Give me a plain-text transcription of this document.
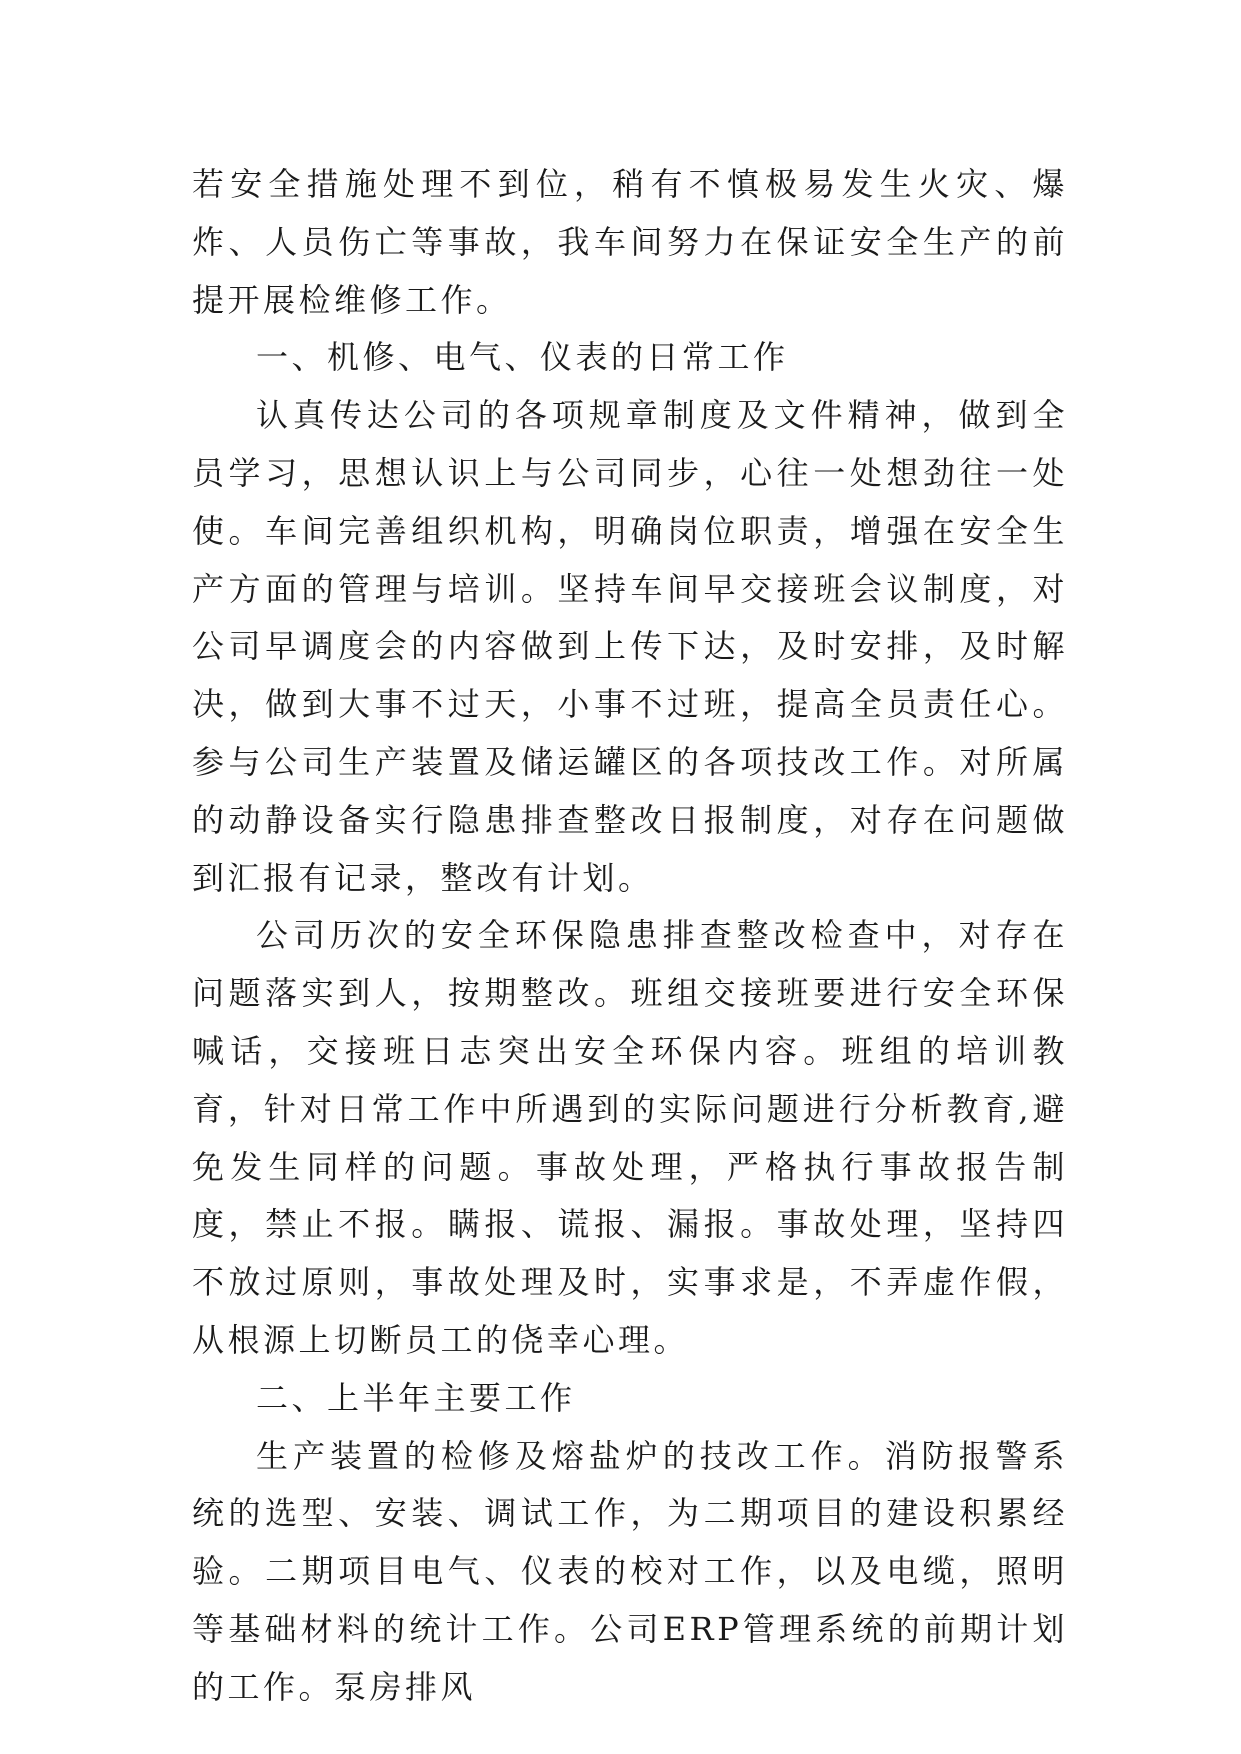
若安全措施处理不到位，稍有不慎极易发生火灾、爆炸、人员伤亡等事故，我车间努力在保证安全生产的前提开展检维修工作。

一、机修、电气、仪表的日常工作

认真传达公司的各项规章制度及文件精神，做到全员学习，思想认识上与公司同步，心往一处想劲往一处使。车间完善组织机构，明确岗位职责，增强在安全生产方面的管理与培训。坚持车间早交接班会议制度，对公司早调度会的内容做到上传下达，及时安排，及时解决，做到大事不过天，小事不过班，提高全员责任心。参与公司生产装置及储运罐区的各项技改工作。对所属的动静设备实行隐患排查整改日报制度，对存在问题做到汇报有记录，整改有计划。

公司历次的安全环保隐患排查整改检查中，对存在问题落实到人，按期整改。班组交接班要进行安全环保喊话，交接班日志突出安全环保内容。班组的培训教育，针对日常工作中所遇到的实际问题进行分析教育,避免发生同样的问题。事故处理，严格执行事故报告制度，禁止不报。瞒报、谎报、漏报。事故处理，坚持四不放过原则，事故处理及时，实事求是，不弄虚作假，从根源上切断员工的侥幸心理。

二、上半年主要工作

生产装置的检修及熔盐炉的技改工作。消防报警系统的选型、安装、调试工作，为二期项目的建设积累经验。二期项目电气、仪表的校对工作，以及电缆，照明等基础材料的统计工作。公司ERP管理系统的前期计划的工作。泵房排风
